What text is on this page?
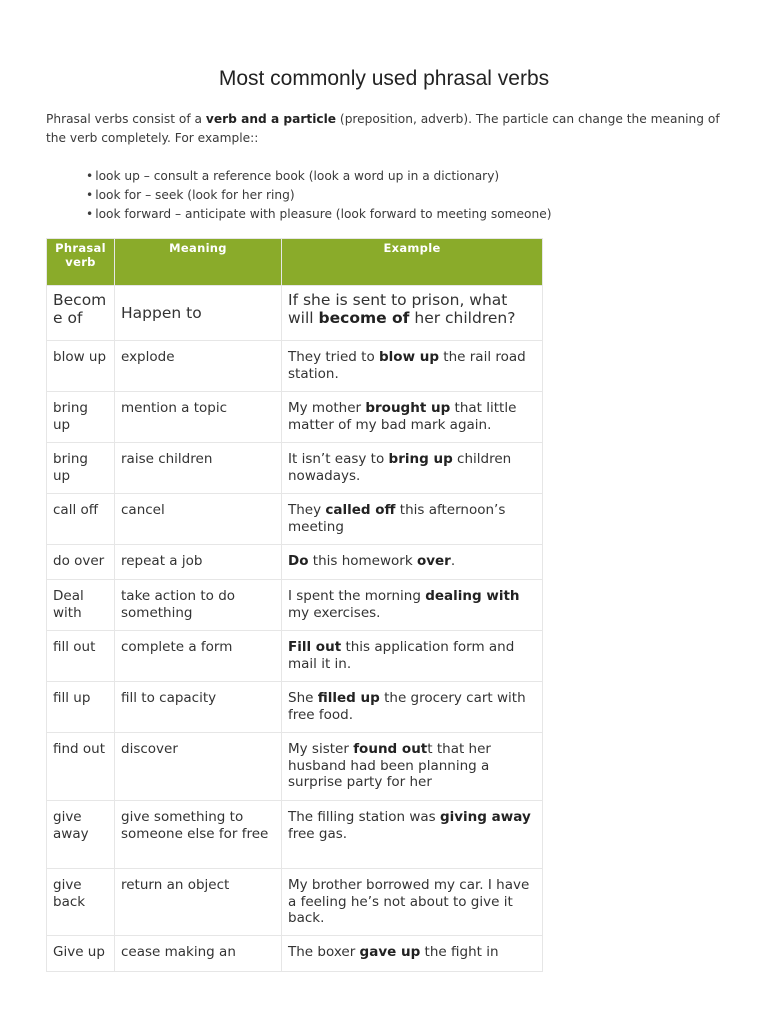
Most commonly used phrasal verbs
Phrasal verbs consist of a verb and a particle (preposition, adverb). The particle can change the meaning of the verb completely. For example::
• look up – consult a reference book (look a word up in a dictionary)
• look for – seek (look for her ring)
• look forward – anticipate with pleasure (look forward to meeting someone)
Phrasal verb	Meaning	Example
Become of	Happen to	If she is sent to prison, what will become of her children?
blow up	explode	They tried to blow up the rail road station.
bring up	mention a topic	My mother brought up that little matter of my bad mark again.
bring up	raise children	It isn’t easy to bring up children nowadays.
call off	cancel	They called off this afternoon’s meeting
do over	repeat a job	Do this homework over.
Deal with	take action to do something	I spent the morning dealing with my exercises.
fill out	complete a form	Fill out this application form and mail it in.
fill up	fill to capacity	She filled up the grocery cart with free food.
find out	discover	My sister found outt that her husband had been planning a surprise party for her
give away	give something to someone else for free	The filling station was giving away free gas.
give back	return an object	My brother borrowed my car. I have a feeling he’s not about to give it back.
Give up	cease making an	The boxer gave up the fight in
